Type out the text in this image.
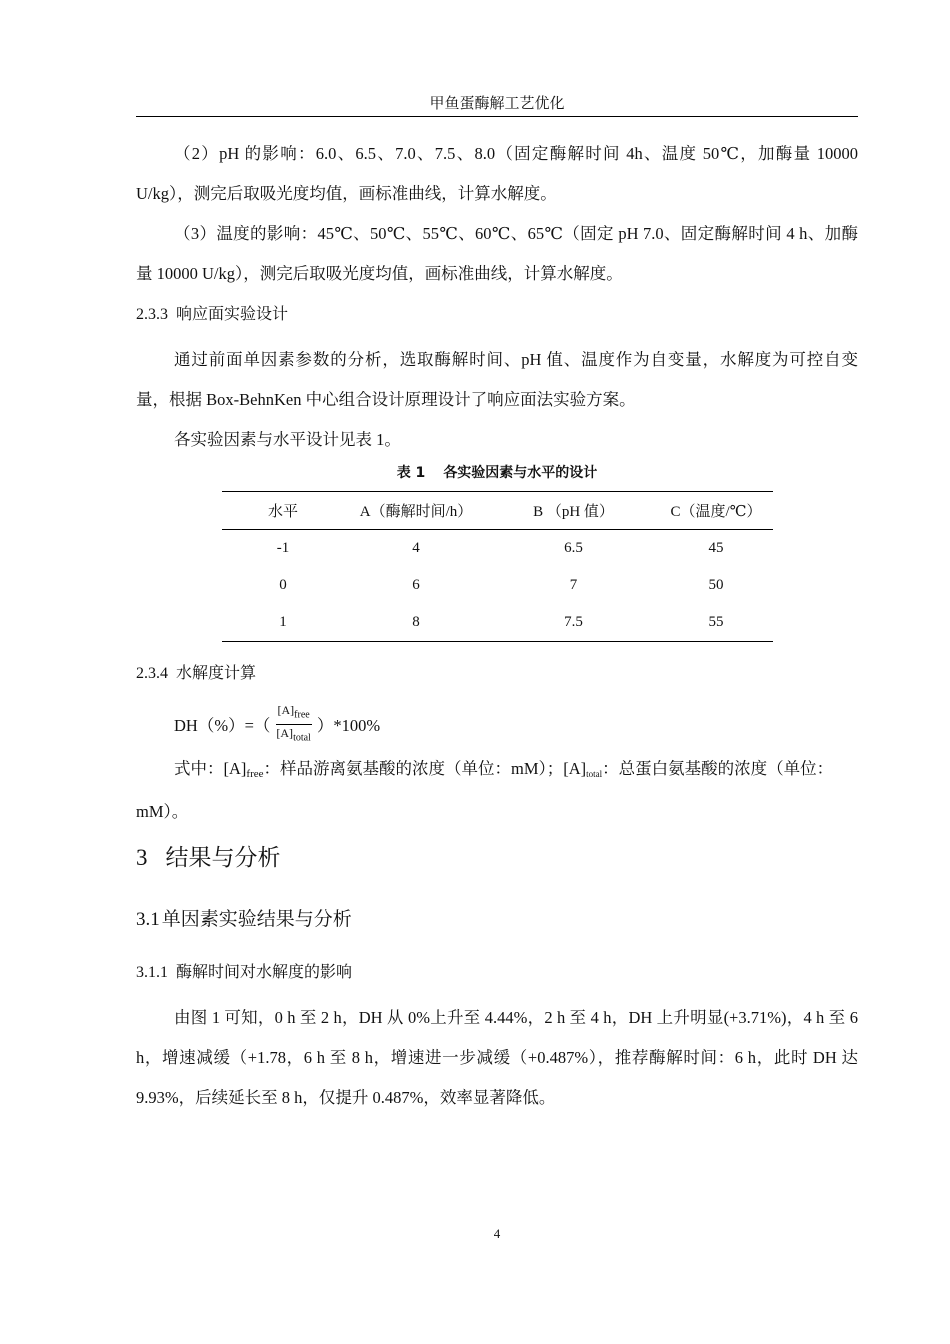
甲鱼蛋酶解工艺优化

（2）pH 的影响：6.0、6.5、7.0、7.5、8.0（固定酶解时间 4h、温度 50℃，加酶量 10000 U/kg），测完后取吸光度均值，画标准曲线，计算水解度。

（3）温度的影响：45℃、50℃、55℃、60℃、65℃（固定 pH 7.0、固定酶解时间 4 h、加酶量 10000 U/kg），测完后取吸光度均值，画标准曲线，计算水解度。

2.3.3 响应面实验设计

通过前面单因素参数的分析，选取酶解时间、pH 值、温度作为自变量，水解度为可控自变量，根据 Box-BehnKen 中心组合设计原理设计了响应面法实验方案。

各实验因素与水平设计见表 1。

表 1 各实验因素与水平的设计
水平	A（酶解时间/h）	B （pH 值）	C（温度/℃）
-1	4	6.5	45
0	6	7	50
1	8	7.5	55
2.3.4 水解度计算
$DH(\%)=( \frac{[A]_{free}}{[A]_{total}} )*100\%$

式中：$[A]_{free}$：样品游离氨基酸的浓度（单位：mM）；$[A]_{total}$：总蛋白氨基酸的浓度（单位：mM）。

3 结果与分析
3.1 单因素实验结果与分析
3.1.1 酶解时间对水解度的影响

由图 1 可知，0 h 至 2 h，DH 从 0%上升至 4.44%，2 h 至 4 h，DH 上升明显(+3.71%)，4 h 至 6 h，增速减缓（+1.78，6 h 至 8 h，增速进一步减缓（+0.487%），推荐酶解时间：6 h，此时 DH 达 9.93%，后续延长至 8 h，仅提升 0.487%，效率显著降低。

4
